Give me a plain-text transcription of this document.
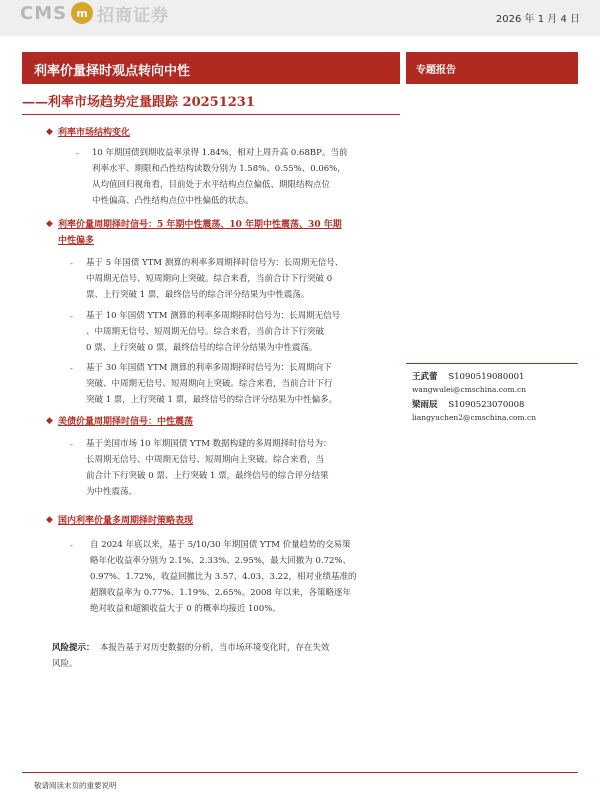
CMS m 招商证券	2026 年 1 月 4 日
利率价量择时观点转向中性	专题报告
——利率市场趋势定量跟踪 20251231
◆ 利率市场结构变化
- 10 年期国债到期收益率录得 1.84%，相对上周升高 0.68BP。当前
利率水平、期限和凸性结构读数分别为 1.58%、0.55%、0.06%，
从均值回归视角看，目前处于水平结构点位偏低、期限结构点位
中性偏高、凸性结构点位中性偏低的状态。
◆ 利率价量周期择时信号：5 年期中性震荡、10 年期中性震荡、30 年期
中性偏多
- 基于 5 年国债 YTM 测算的利率多周期择时信号为：长周期无信号、
中周期无信号、短周期向上突破。综合来看，当前合计下行突破 0
票、上行突破 1 票，最终信号的综合评分结果为中性震荡。
- 基于 10 年国债 YTM 测算的利率多周期择时信号为：长周期无信号
、中周期无信号、短周期无信号。综合来看，当前合计下行突破
0 票、上行突破 0 票，最终信号的综合评分结果为中性震荡。
- 基于 30 年国债 YTM 测算的利率多周期择时信号为：长周期向下
突破、中周期无信号、短周期向上突破。综合来看，当前合计下行
突破 1 票，上行突破 1 票，最终信号的综合评分结果为中性偏多。
◆ 美债价量周期择时信号：中性震荡
- 基于美国市场 10 年期国债 YTM 数据构建的多周期择时信号为：
长周期无信号、中周期无信号、短周期向上突破。综合来看，当
前合计下行突破 0 票、上行突破 1 票，最终信号的综合评分结果
为中性震荡。
◆ 国内利率价量多周期择时策略表现
- 自 2024 年底以来，基于 5/10/30 年期国债 YTM 价量趋势的交易策
略年化收益率分别为 2.1%、2.33%、2.95%，最大回撤为 0.72%、
0.97%、1.72%，收益回撤比为 3.57、4.03、3.22，相对业绩基准的
超额收益率为 0.77%、1.19%、2.65%。2008 年以来，各策略逐年
绝对收益和超额收益大于 0 的概率均接近 100%。
王武蕾 S1090519080001
wangwulei@cmschina.com.cn
梁雨辰 S1090523070008
liangyuchen2@cmschina.com.cn
风险提示： 本报告基于对历史数据的分析，当市场环境变化时，存在失效
风险。
敬请阅读末页的重要说明
